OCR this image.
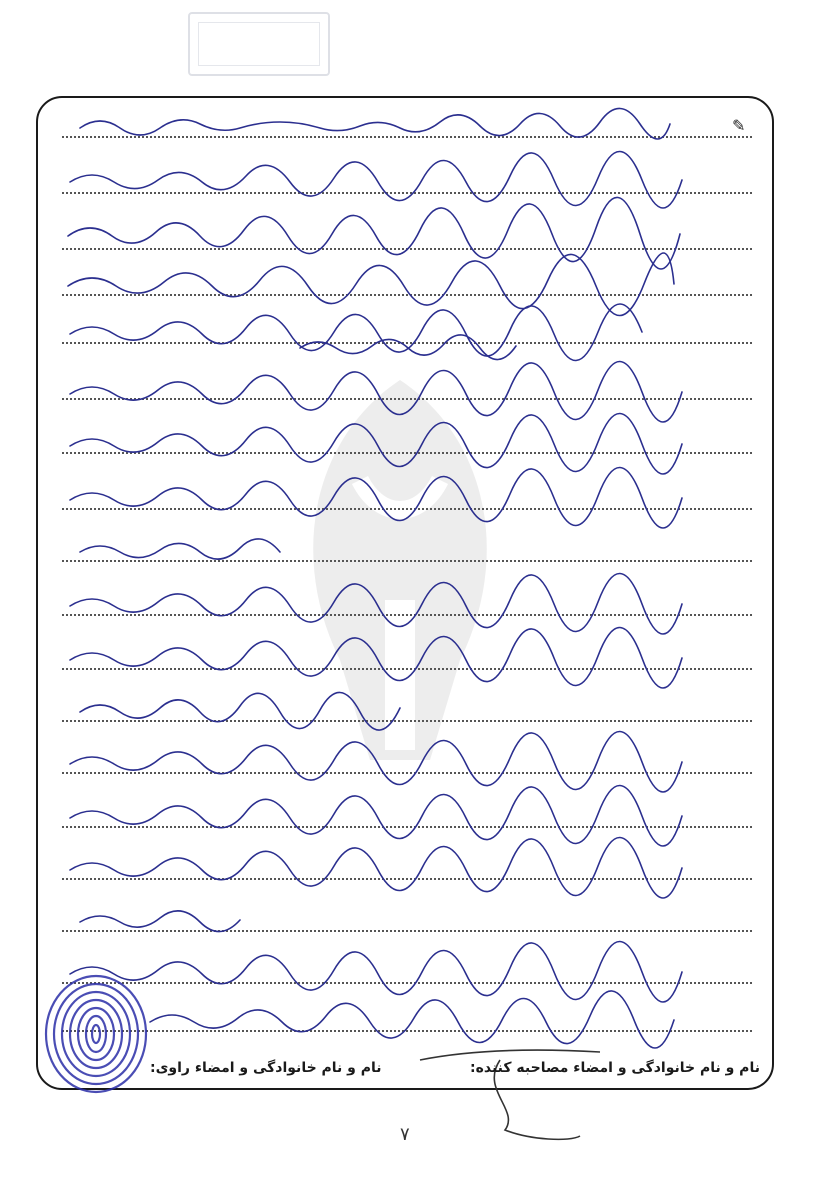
✎
نام و نام خانوادگی و امضاء مصاحبه کننده:
نام و نام خانوادگی و امضاء راوی:
۷
